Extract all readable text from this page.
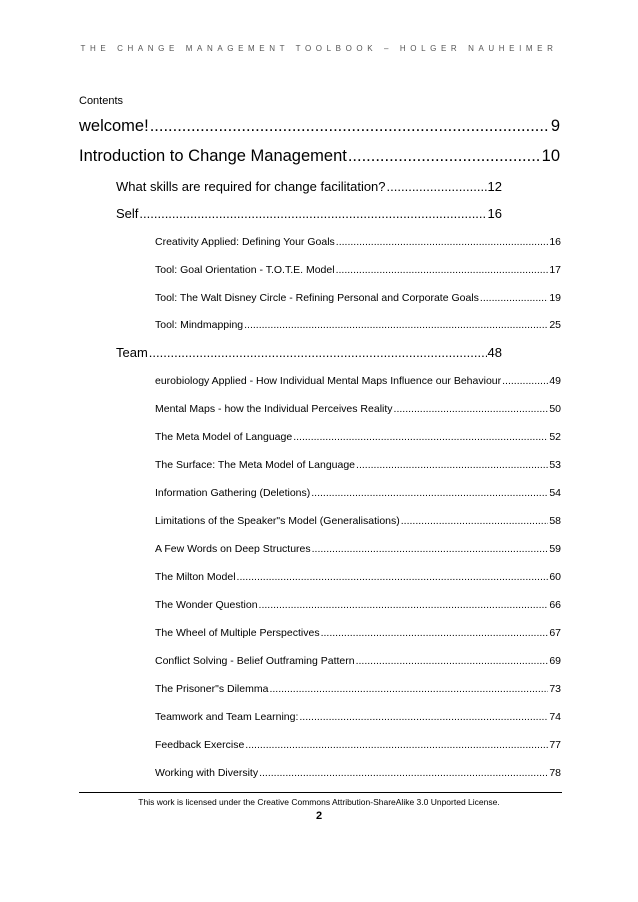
THE CHANGE MANAGEMENT TOOLBOOK – HOLGER NAUHEIMER
Contents
welcome! .....	9
Introduction to Change Management .....	10
What skills are required for change facilitation? .....	12
Self .....	16
Creativity Applied: Defining Your Goals .....	16
Tool: Goal Orientation - T.O.T.E. Model .....	17
Tool: The Walt Disney Circle - Refining Personal and Corporate Goals .....	19
Tool: Mindmapping .....	25
Team .....	48
eurobiology Applied - How Individual Mental Maps Influence our Behaviour .....	49
Mental Maps - how the Individual Perceives Reality .....	50
The Meta Model of Language .....	52
The Surface: The Meta Model of Language .....	53
Information Gathering (Deletions) .....	54
Limitations of the Speaker"s Model (Generalisations) .....	58
A Few Words on Deep Structures .....	59
The Milton Model .....	60
The Wonder Question .....	66
The Wheel of Multiple Perspectives .....	67
Conflict Solving - Belief Outframing Pattern .....	69
The Prisoner"s Dilemma .....	73
Teamwork and Team Learning: .....	74
Feedback Exercise .....	77
Working with Diversity .....	78
This work is licensed under the Creative Commons Attribution-ShareAlike 3.0 Unported License.
2
